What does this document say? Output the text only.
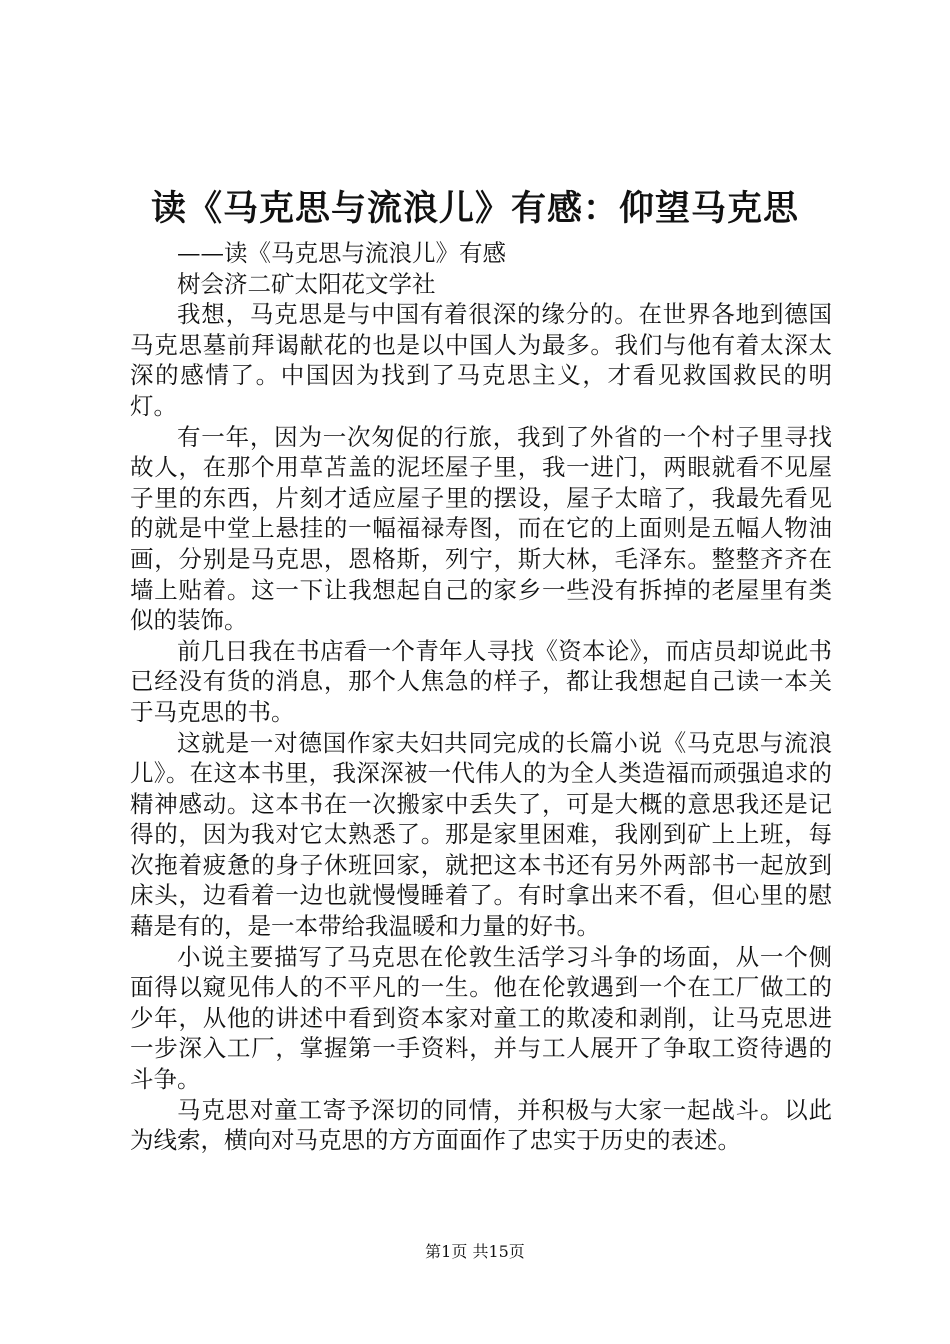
读《马克思与流浪儿》有感：仰望马克思

——读《马克思与流浪儿》有感

树会济二矿太阳花文学社

我想，马克思是与中国有着很深的缘分的。在世界各地到德国马克思墓前拜谒献花的也是以中国人为最多。我们与他有着太深太深的感情了。中国因为找到了马克思主义，才看见救国救民的明灯。

有一年，因为一次匆促的行旅，我到了外省的一个村子里寻找故人，在那个用草苫盖的泥坯屋子里，我一进门，两眼就看不见屋子里的东西，片刻才适应屋子里的摆设，屋子太暗了，我最先看见的就是中堂上悬挂的一幅福禄寿图，而在它的上面则是五幅人物油画，分别是马克思，恩格斯，列宁，斯大林，毛泽东。整整齐齐在墙上贴着。这一下让我想起自己的家乡一些没有拆掉的老屋里有类似的装饰。

前几日我在书店看一个青年人寻找《资本论》，而店员却说此书已经没有货的消息，那个人焦急的样子，都让我想起自己读一本关于马克思的书。

这就是一对德国作家夫妇共同完成的长篇小说《马克思与流浪儿》。在这本书里，我深深被一代伟人的为全人类造福而顽强追求的精神感动。这本书在一次搬家中丢失了，可是大概的意思我还是记得的，因为我对它太熟悉了。那是家里困难，我刚到矿上上班，每次拖着疲惫的身子休班回家，就把这本书还有另外两部书一起放到床头，边看着一边也就慢慢睡着了。有时拿出来不看，但心里的慰藉是有的，是一本带给我温暖和力量的好书。

小说主要描写了马克思在伦敦生活学习斗争的场面，从一个侧面得以窥见伟人的不平凡的一生。他在伦敦遇到一个在工厂做工的少年，从他的讲述中看到资本家对童工的欺凌和剥削，让马克思进一步深入工厂，掌握第一手资料，并与工人展开了争取工资待遇的斗争。

马克思对童工寄予深切的同情，并积极与大家一起战斗。以此为线索，横向对马克思的方方面面作了忠实于历史的表述。

第1页 共15页
